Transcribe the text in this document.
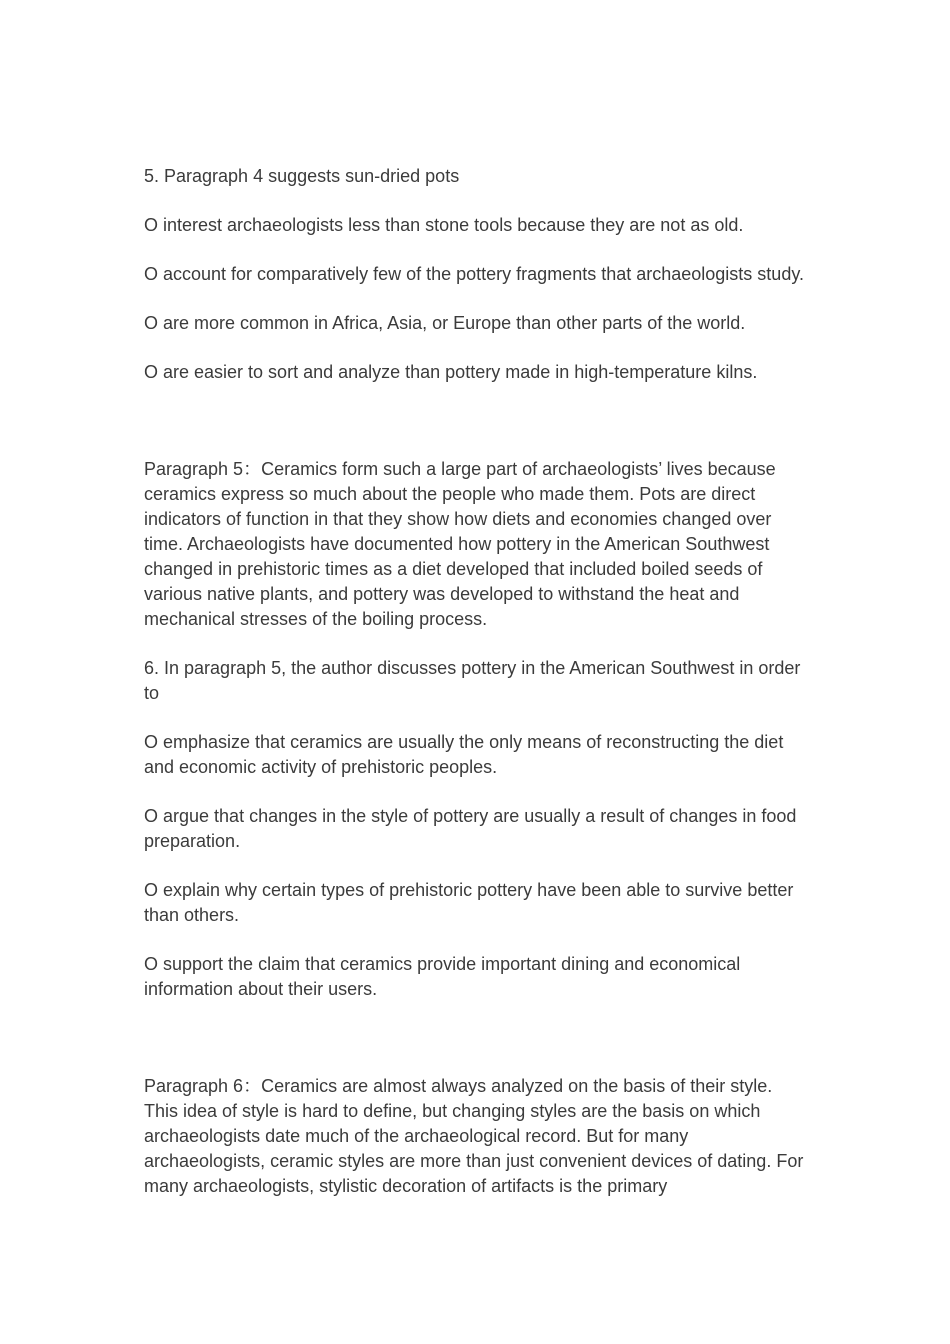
5. Paragraph 4 suggests sun-dried pots

O interest archaeologists less than stone tools because they are not as old.

O account for comparatively few of the pottery fragments that archaeologists study.

O are more common in Africa, Asia, or Europe than other parts of the world.

O are easier to sort and analyze than pottery made in high-temperature kilns.

Paragraph 5：Ceramics form such a large part of archaeologists’ lives because ceramics express so much about the people who made them. Pots are direct indicators of function in that they show how diets and economies changed over time. Archaeologists have documented how pottery in the American Southwest changed in prehistoric times as a diet developed that included boiled seeds of various native plants, and pottery was developed to withstand the heat and mechanical stresses of the boiling process.

6. In paragraph 5, the author discusses pottery in the American Southwest in order to

O emphasize that ceramics are usually the only means of reconstructing the diet and economic activity of prehistoric peoples.

O argue that changes in the style of pottery are usually a result of changes in food preparation.

O explain why certain types of prehistoric pottery have been able to survive better than others.

O support the claim that ceramics provide important dining and economical information about their users.

Paragraph 6：Ceramics are almost always analyzed on the basis of their style. This idea of style is hard to define, but changing styles are the basis on which archaeologists date much of the archaeological record. But for many archaeologists, ceramic styles are more than just convenient devices of dating. For many archaeologists, stylistic decoration of artifacts is the primary
